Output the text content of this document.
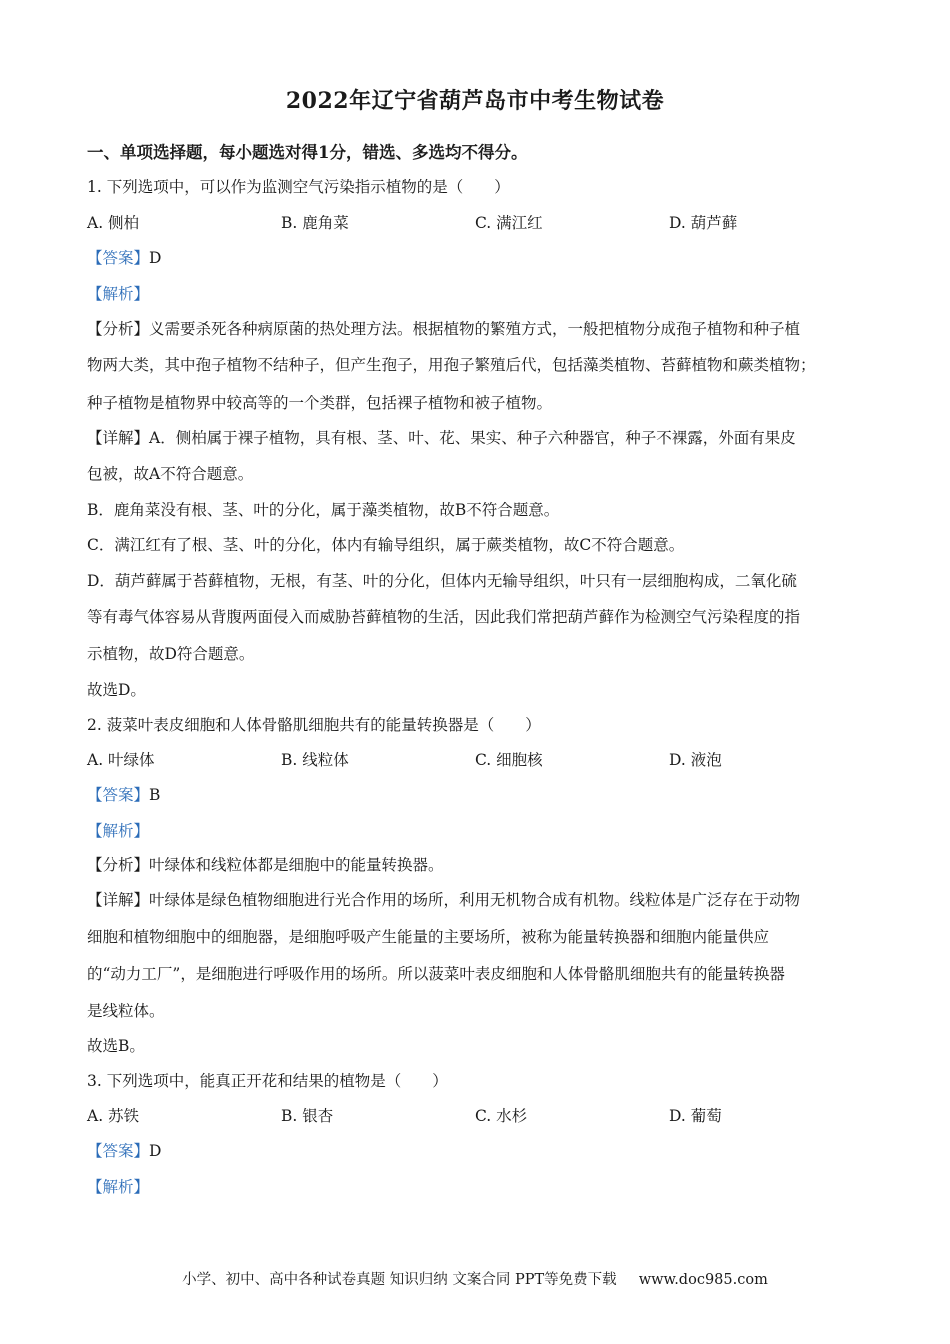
2022年辽宁省葫芦岛市中考生物试卷
一、单项选择题，每小题选对得1分，错选、多选均不得分。
1. 下列选项中，可以作为监测空气污染指示植物的是（　　）
A. 侧柏	B. 鹿角菜	C. 满江红	D. 葫芦藓
【答案】D
【解析】
【分析】义需要杀死各种病原菌的热处理方法。根据植物的繁殖方式，一般把植物分成孢子植物和种子植
物两大类，其中孢子植物不结种子，但产生孢子，用孢子繁殖后代，包括藻类植物、苔藓植物和蕨类植物；
种子植物是植物界中较高等的一个类群，包括裸子植物和被子植物。
【详解】A．侧柏属于裸子植物，具有根、茎、叶、花、果实、种子六种器官，种子不裸露，外面有果皮
包被，故A不符合题意。
B．鹿角菜没有根、茎、叶的分化，属于藻类植物，故B不符合题意。
C．满江红有了根、茎、叶的分化，体内有输导组织，属于蕨类植物，故C不符合题意。
D．葫芦藓属于苔藓植物，无根，有茎、叶的分化，但体内无输导组织，叶只有一层细胞构成，二氧化硫
等有毒气体容易从背腹两面侵入而威胁苔藓植物的生活，因此我们常把葫芦藓作为检测空气污染程度的指
示植物，故D符合题意。
故选D。
2. 菠菜叶表皮细胞和人体骨骼肌细胞共有的能量转换器是（　　）
A. 叶绿体	B. 线粒体	C. 细胞核	D. 液泡
【答案】B
【解析】
【分析】叶绿体和线粒体都是细胞中的能量转换器。
【详解】叶绿体是绿色植物细胞进行光合作用的场所，利用无机物合成有机物。线粒体是广泛存在于动物
细胞和植物细胞中的细胞器，是细胞呼吸产生能量的主要场所，被称为能量转换器和细胞内能量供应
的“动力工厂”，是细胞进行呼吸作用的场所。所以菠菜叶表皮细胞和人体骨骼肌细胞共有的能量转换器
是线粒体。
故选B。
3. 下列选项中，能真正开花和结果的植物是（　　）
A. 苏铁	B. 银杏	C. 水杉	D. 葡萄
【答案】D
【解析】
小学、初中、高中各种试卷真题 知识归纳 文案合同 PPT等免费下载 www.doc985.com
